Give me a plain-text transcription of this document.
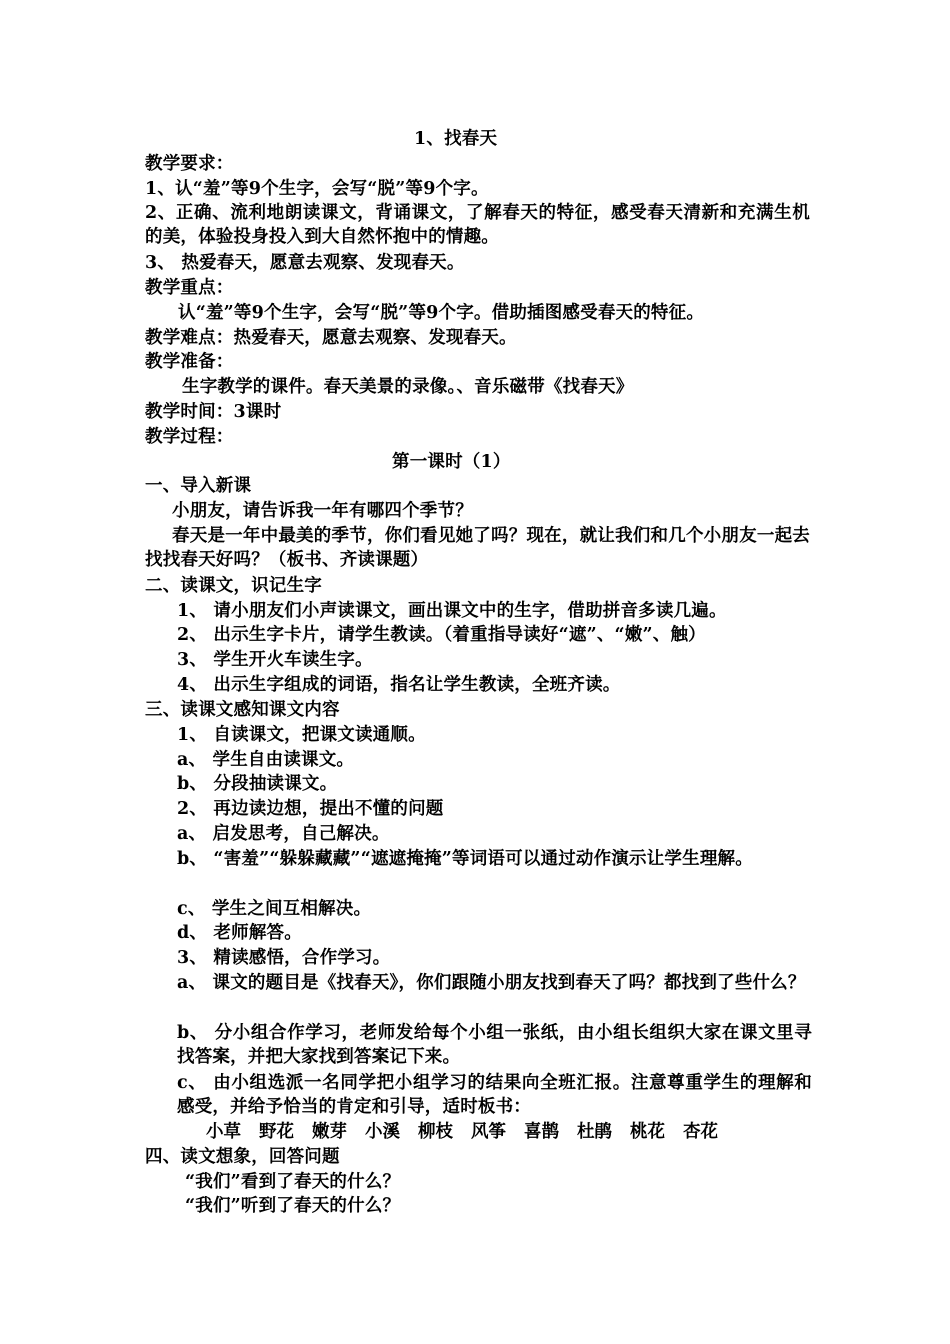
1、找春天
教学要求：
1、认“羞”等9个生字，会写“脱”等9个字。
2、正确、流利地朗读课文，背诵课文，了解春天的特征，感受春天清新和充满生机的美，体验投身投入到大自然怀抱中的情趣。
3、 热爱春天，愿意去观察、发现春天。
教学重点：
认“羞”等9个生字，会写“脱”等9个字。借助插图感受春天的特征。
教学难点：热爱春天，愿意去观察、发现春天。
教学准备：
生字教学的课件。春天美景的录像。、音乐磁带《找春天》
教学时间：3课时
教学过程：
第一课时（1）
一、导入新课
小朋友，请告诉我一年有哪四个季节？
春天是一年中最美的季节，你们看见她了吗？现在，就让我们和几个小朋友一起去找找春天好吗？（板书、齐读课题）
二、读课文，识记生字
1、 请小朋友们小声读课文，画出课文中的生字，借助拼音多读几遍。
2、 出示生字卡片，请学生教读。（着重指导读好“遮”、“嫩”、触）
3、 学生开火车读生字。
4、 出示生字组成的词语，指名让学生教读，全班齐读。
三、读课文感知课文内容
1、 自读课文，把课文读通顺。
a、 学生自由读课文。
b、 分段抽读课文。
2、 再边读边想，提出不懂的问题
a、 启发思考，自己解决。
b、 “害羞”“躲躲藏藏”“遮遮掩掩”等词语可以通过动作演示让学生理解。
c、 学生之间互相解决。
d、 老师解答。
3、 精读感悟，合作学习。
a、 课文的题目是《找春天》，你们跟随小朋友找到春天了吗？都找到了些什么？
b、 分小组合作学习，老师发给每个小组一张纸，由小组长组织大家在课文里寻找答案，并把大家找到答案记下来。
c、 由小组选派一名同学把小组学习的结果向全班汇报。注意尊重学生的理解和感受，并给予恰当的肯定和引导，适时板书：
小草 野花 嫩芽 小溪 柳枝 风筝 喜鹊 杜鹃 桃花 杏花
四、读文想象，回答问题
“我们”看到了春天的什么？
“我们”听到了春天的什么？
